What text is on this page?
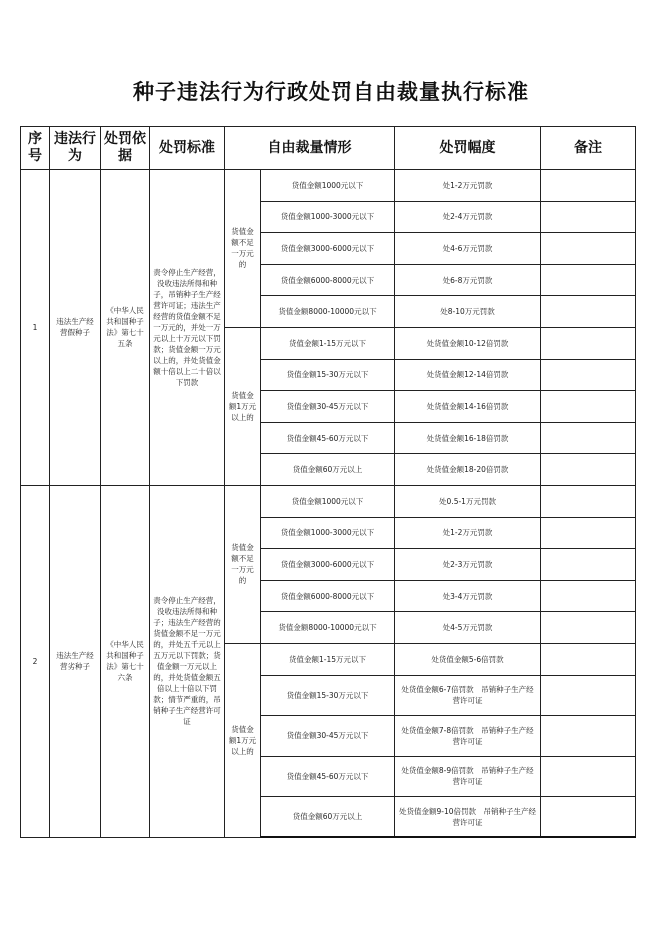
种子违法行为行政处罚自由裁量执行标准
序号	违法行为	处罚依据	处罚标准	自由裁量情形		处罚幅度	备注
1	违法生产经营假种子	《中华人民共和国种子法》第七十五条	责令停止生产经营，没收违法所得和种子，吊销种子生产经营许可证；违法生产经营的货值金额不足一万元的，并处一万元以上十万元以下罚款；货值金额一万元以上的，并处货值金额十倍以上二十倍以下罚款	货值金额不足一万元的	货值金额1000元以下	处1-2万元罚款	
					货值金额1000-3000元以下	处2-4万元罚款	
					货值金额3000-6000元以下	处4-6万元罚款	
					货值金额6000-8000元以下	处6-8万元罚款	
					货值金额8000-10000元以下	处8-10万元罚款	
				货值金额1万元以上的	货值金额1-15万元以下	处货值金额10-12倍罚款	
					货值金额15-30万元以下	处货值金额12-14倍罚款	
					货值金额30-45万元以下	处货值金额14-16倍罚款	
					货值金额45-60万元以下	处货值金额16-18倍罚款	
					货值金额60万元以上	处货值金额18-20倍罚款	
2	违法生产经营劣种子	《中华人民共和国种子法》第七十六条	责令停止生产经营，没收违法所得和种子；违法生产经营的货值金额不足一万元的，并处五千元以上五万元以下罚款；货值金额一万元以上的，并处货值金额五倍以上十倍以下罚款；情节严重的，吊销种子生产经营许可证	货值金额不足一万元的	货值金额1000元以下	处0.5-1万元罚款	
					货值金额1000-3000元以下	处1-2万元罚款	
					货值金额3000-6000元以下	处2-3万元罚款	
					货值金额6000-8000元以下	处3-4万元罚款	
					货值金额8000-10000元以下	处4-5万元罚款	
				货值金额1万元以上的	货值金额1-15万元以下	处货值金额5-6倍罚款	
					货值金额15-30万元以下	处货值金额6-7倍罚款　吊销种子生产经营许可证	
					货值金额30-45万元以下	处货值金额7-8倍罚款　吊销种子生产经营许可证	
					货值金额45-60万元以下	处货值金额8-9倍罚款　吊销种子生产经营许可证	
					货值金额60万元以上	处货值金额9-10倍罚款　吊销种子生产经营许可证	
